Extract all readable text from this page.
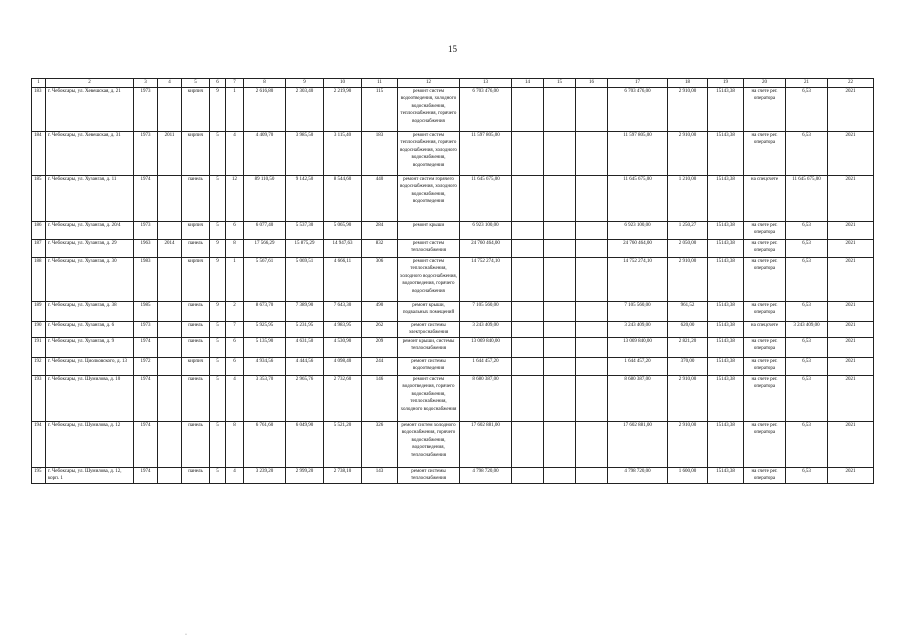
15
1	2	3	4	5	6	7	8	9	10	11	12	13	14	15	16	17	18	19	20	21	22
183	г. Чебоксары, ул. Хевешская, д. 21	1973		кирпич	9	1	2 616,80	2 303,40	2 219,90	115	ремонт систем водоотведения, холодного водоснабжения, теплоснабжения, горячего водоснабжения	6 703 476,00				6 703 476,00	2 910,00	15143,38	на счете рег. оператора	6,53	2021
184	г. Чебоксары, ул. Хевешская, д. 31	1973	2011	кирпич	5	4	4 409,70	3 985,50	3 115,40	183	ремонт систем теплоснабжения, горячего водоснабжения, холодного водоснабжения, водоотведения	11 597 805,00				11 597 805,00	2 910,00	15143,38	на счете рег. оператора	6,53	2021
185	г. Чебоксары, ул. Хузангая, д. 11	1974		панель	5	12	89 110,50	9 142,50	8 544,60	440	ремонт систем горячего водоснабжения, холодного водоснабжения, водоотведения	11 645 675,00				11 645 675,00	1 210,00	15143,38	на спецсчете	11 645 675,00	2021
186	г. Чебоксары, ул. Хузангая, д. 20/4	1973		кирпич	5	6	6 077,40	5 537,30	5 065,90	284	ремонт крыши	6 923 100,00				6 923 100,00	1 250,27	15143,38	на счете рег. оператора	6,53	2021
187	г. Чебоксары, ул. Хузангая, д. 29	1963	2014	панель	9	8	17 566,29	15 875,29	14 947,63	832	ремонт систем теплоснабжения	24 760 464,00				24 760 464,00	2 050,00	15143,38	на счете рег. оператора	6,53	2021
188	г. Чебоксары, ул. Хузангая, д. 30	1983		кирпич	9	1	5 567,61	5 069,51	4 666,11	306	ремонт систем теплоснабжения, холодного водоснабжения, водоотведения, горячего водоснабжения	14 752 274,10				14 752 274,10	2 910,00	15143,38	на счете рег. оператора	6,53	2021
189	г. Чебоксары, ул. Хузангая, д. 38	1985		панель	9	2	8 673,70	7 389,90	7 643,30	490	ремонт крыши, подвальных помещений	7 105 560,00				7 105 560,00	961,52	15143,38	на счете рег. оператора	6,53	2021
190	г. Чебоксары, ул. Хузангая, д. 6	1973		панель	5	7	5 925,95	5 231,95	4 983,95	262	ремонт системы электроснабжения	3 243 409,00				3 243 409,00	620,00	15143,38	на спецсчете	3 243 409,00	2021
191	г. Чебоксары, ул. Хузангая, д. 9	1974		панель	5	6	5 135,90	4 631,50	4 530,90	209	ремонт крыши, системы теплоснабжения	13 069 840,00				13 069 840,00	2 821,20	15143,38	на счете рег. оператора	6,53	2021
192	г. Чебоксары, ул. Циолковского, д. 13	1972		кирпич	5	6	4 934,56	4 444,56	4 098,40	244	ремонт системы водоотведения	1 644 457,20				1 644 457,20	370,00	15143,38	на счете рег. оператора	6,53	2021
193	г. Чебоксары, ул. Шумилова, д. 10	1974		панель	5	4	3 353,70	2 965,76	2 732,60	146	ремонт систем водоотведения, горячего водоснабжения, теплоснабжения, холодного водоснабжения	8 680 387,00				8 680 387,00	2 910,00	15143,38	на счете рег. оператора	6,53	2021
194	г. Чебоксары, ул. Шумилова, д. 12	1974		панель	5	8	6 761,60	6 049,90	5 521,20	326	ремонт систем холодного водоснабжения, горячего водоснабжения, водоотведения, теплоснабжения	17 602 881,00				17 602 881,00	2 910,00	15143,38	на счете рег. оператора	6,53	2021
195	г. Чебоксары, ул. Шумилова, д. 12, корп. 1	1974		панель	5	4	3 239,20	2 999,20	2 738,10	143	ремонт системы теплоснабжения	4 798 720,00				4 798 720,00	1 600,00	15143,38	на счете рег. оператора	6,53	2021
·
